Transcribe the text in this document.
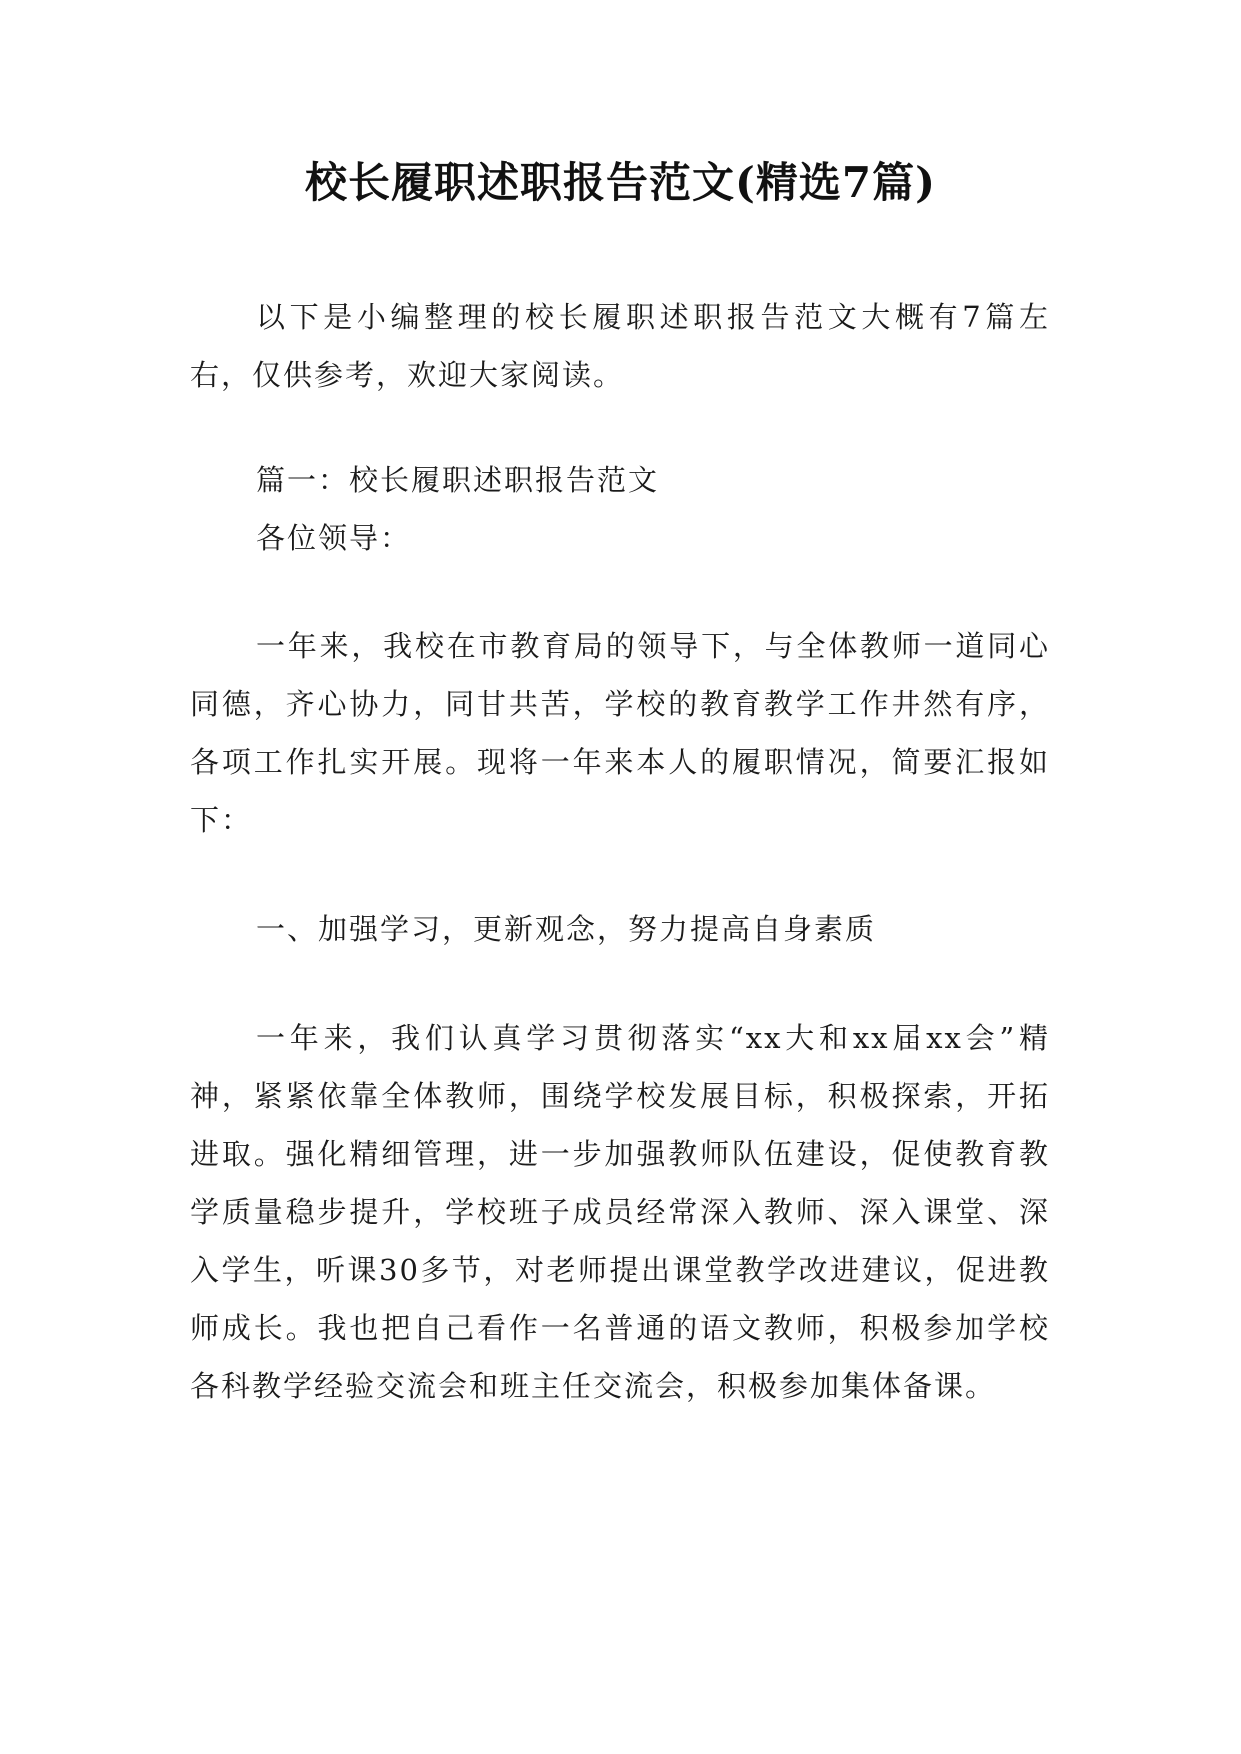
校长履职述职报告范文(精选7篇)

以下是小编整理的校长履职述职报告范文大概有7篇左右，仅供参考，欢迎大家阅读。

篇一：校长履职述职报告范文

各位领导：

一年来，我校在市教育局的领导下，与全体教师一道同心同德，齐心协力，同甘共苦，学校的教育教学工作井然有序，各项工作扎实开展。现将一年来本人的履职情况，简要汇报如下：

一、加强学习，更新观念，努力提高自身素质

一年来，我们认真学习贯彻落实“xx大和xx届xx会”精神，紧紧依靠全体教师，围绕学校发展目标，积极探索，开拓进取。强化精细管理，进一步加强教师队伍建设，促使教育教学质量稳步提升，学校班子成员经常深入教师、深入课堂、深入学生，听课30多节，对老师提出课堂教学改进建议，促进教师成长。我也把自己看作一名普通的语文教师，积极参加学校各科教学经验交流会和班主任交流会，积极参加集体备课。
